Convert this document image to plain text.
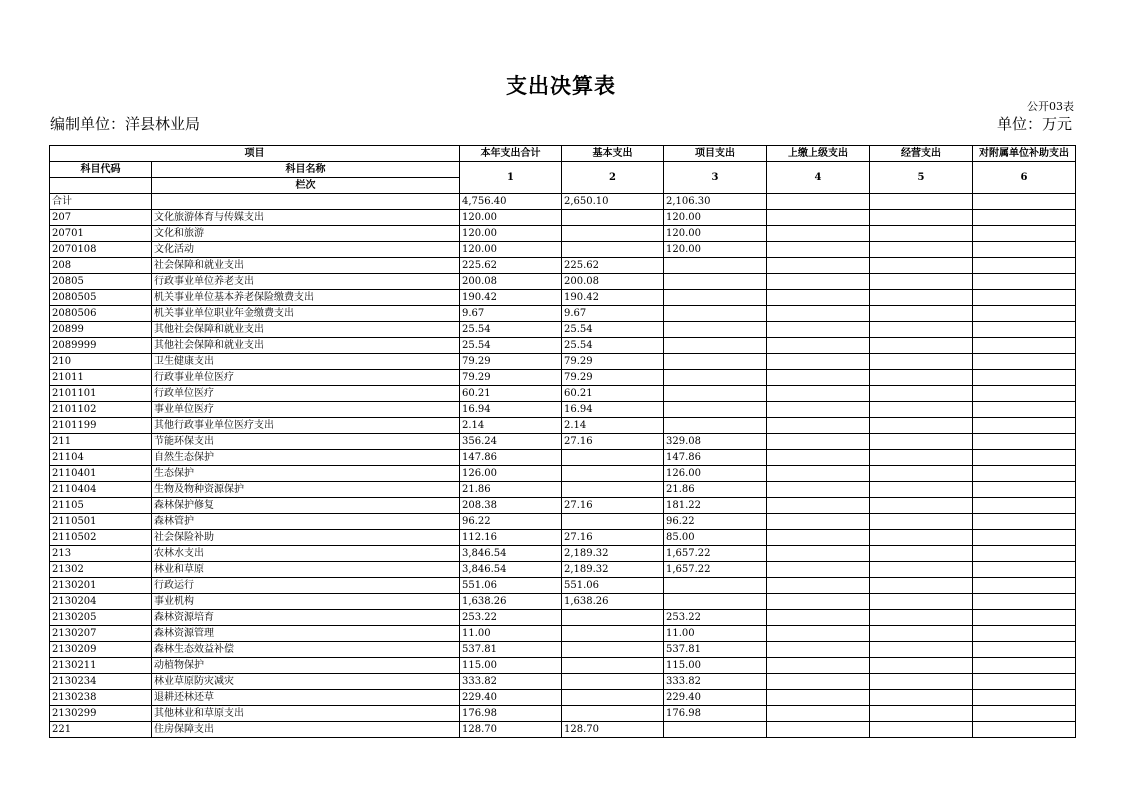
支出决算表
公开03表
编制单位：洋县林业局	单位：万元
项目		本年支出合计	基本支出	项目支出	上缴上级支出	经营支出	对附属单位补助支出
科目代码	科目名称	1	2	3	4	5	6
	栏次						
合计		4,756.40	2,650.10	2,106.30			
207	文化旅游体育与传媒支出	120.00		120.00			
20701	文化和旅游	120.00		120.00			
2070108	文化活动	120.00		120.00			
208	社会保障和就业支出	225.62	225.62				
20805	行政事业单位养老支出	200.08	200.08				
2080505	机关事业单位基本养老保险缴费支出	190.42	190.42				
2080506	机关事业单位职业年金缴费支出	9.67	9.67				
20899	其他社会保障和就业支出	25.54	25.54				
2089999	其他社会保障和就业支出	25.54	25.54				
210	卫生健康支出	79.29	79.29				
21011	行政事业单位医疗	79.29	79.29				
2101101	行政单位医疗	60.21	60.21				
2101102	事业单位医疗	16.94	16.94				
2101199	其他行政事业单位医疗支出	2.14	2.14				
211	节能环保支出	356.24	27.16	329.08			
21104	自然生态保护	147.86		147.86			
2110401	生态保护	126.00		126.00			
2110404	生物及物种资源保护	21.86		21.86			
21105	森林保护修复	208.38	27.16	181.22			
2110501	森林管护	96.22		96.22			
2110502	社会保险补助	112.16	27.16	85.00			
213	农林水支出	3,846.54	2,189.32	1,657.22			
21302	林业和草原	3,846.54	2,189.32	1,657.22			
2130201	行政运行	551.06	551.06				
2130204	事业机构	1,638.26	1,638.26				
2130205	森林资源培育	253.22		253.22			
2130207	森林资源管理	11.00		11.00			
2130209	森林生态效益补偿	537.81		537.81			
2130211	动植物保护	115.00		115.00			
2130234	林业草原防灾减灾	333.82		333.82			
2130238	退耕还林还草	229.40		229.40			
2130299	其他林业和草原支出	176.98		176.98			
221	住房保障支出	128.70	128.70				
